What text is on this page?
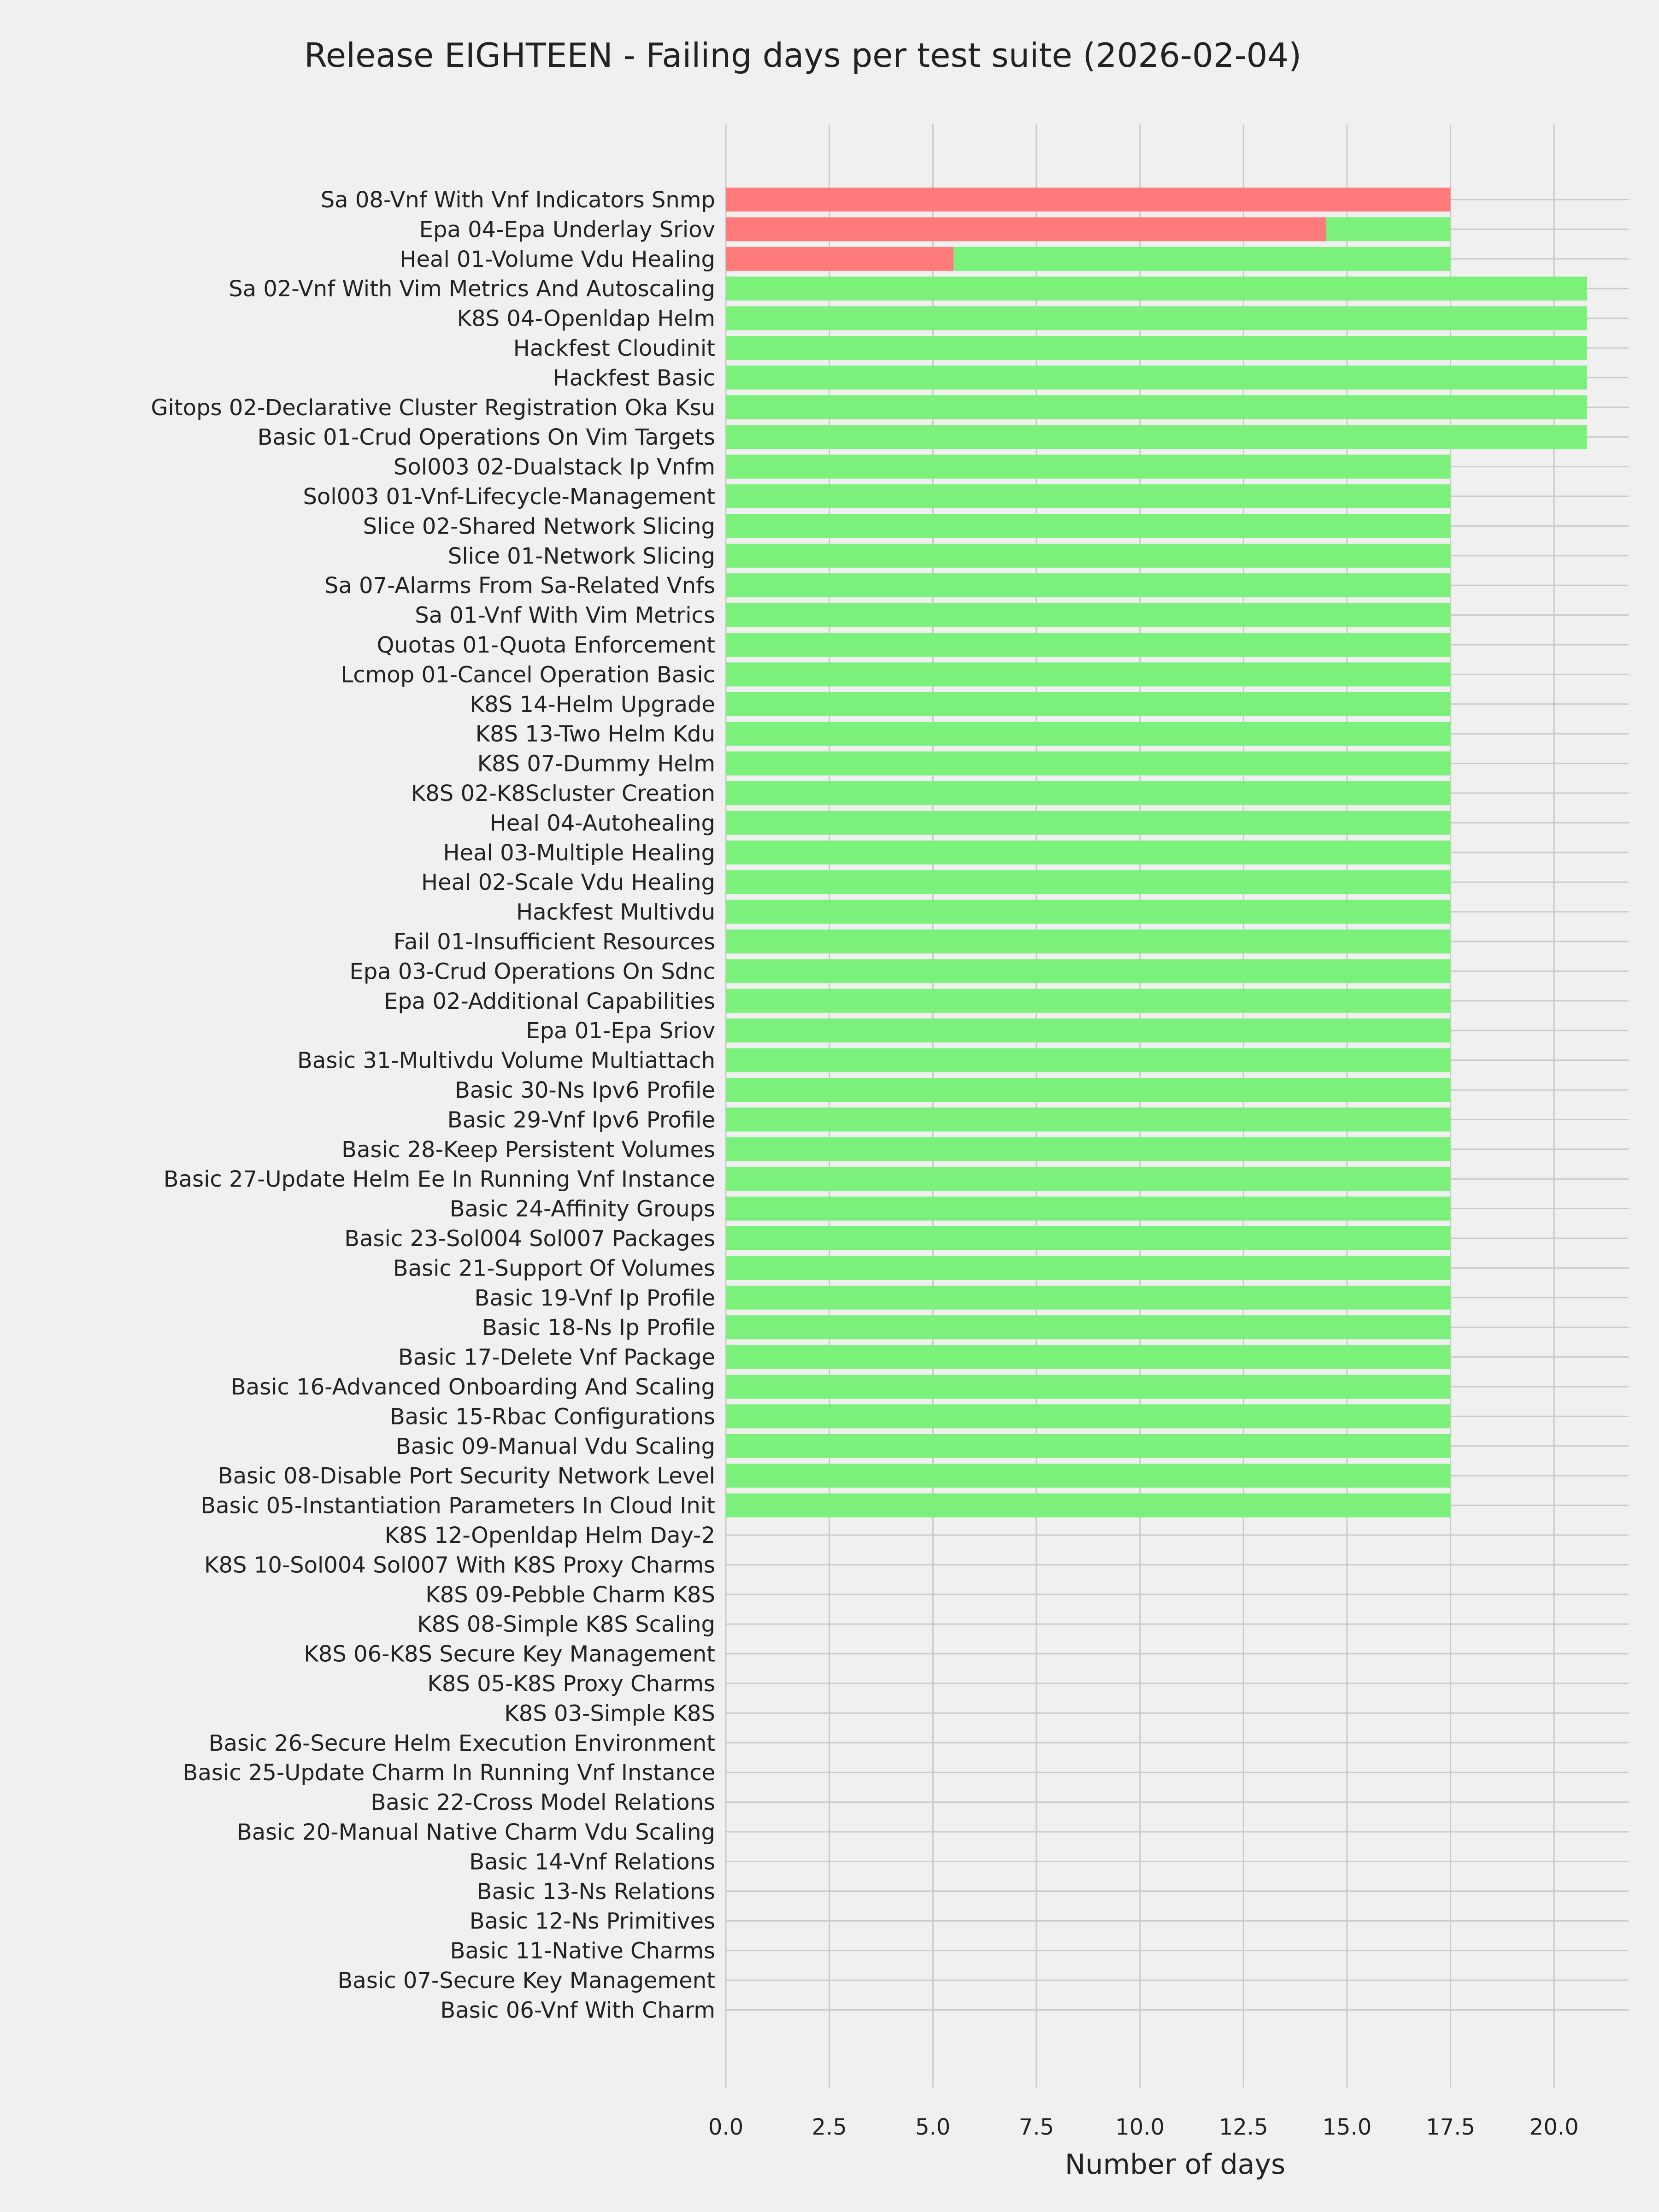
Release EIGHTEEN - Failing days per test suite (2026-02-04)
Sa 08-Vnf With Vnf Indicators Snmp
Epa 04-Epa Underlay Sriov
Heal 01-Volume Vdu Healing
Sa 02-Vnf With Vim Metrics And Autoscaling
K8S 04-Openldap Helm
Hackfest Cloudinit
Hackfest Basic
Gitops 02-Declarative Cluster Registration Oka Ksu
Basic 01-Crud Operations On Vim Targets
Sol003 02-Dualstack Ip Vnfm
Sol003 01-Vnf-Lifecycle-Management
Slice 02-Shared Network Slicing
Slice 01-Network Slicing
Sa 07-Alarms From Sa-Related Vnfs
Sa 01-Vnf With Vim Metrics
Quotas 01-Quota Enforcement
Lcmop 01-Cancel Operation Basic
K8S 14-Helm Upgrade
K8S 13-Two Helm Kdu
K8S 07-Dummy Helm
K8S 02-K8Scluster Creation
Heal 04-Autohealing
Heal 03-Multiple Healing
Heal 02-Scale Vdu Healing
Hackfest Multivdu
Fail 01-Insufficient Resources
Epa 03-Crud Operations On Sdnc
Epa 02-Additional Capabilities
Epa 01-Epa Sriov
Basic 31-Multivdu Volume Multiattach
Basic 30-Ns Ipv6 Profile
Basic 29-Vnf Ipv6 Profile
Basic 28-Keep Persistent Volumes
Basic 27-Update Helm Ee In Running Vnf Instance
Basic 24-Affinity Groups
Basic 23-Sol004 Sol007 Packages
Basic 21-Support Of Volumes
Basic 19-Vnf Ip Profile
Basic 18-Ns Ip Profile
Basic 17-Delete Vnf Package
Basic 16-Advanced Onboarding And Scaling
Basic 15-Rbac Configurations
Basic 09-Manual Vdu Scaling
Basic 08-Disable Port Security Network Level
Basic 05-Instantiation Parameters In Cloud Init
K8S 12-Openldap Helm Day-2
K8S 10-Sol004 Sol007 With K8S Proxy Charms
K8S 09-Pebble Charm K8S
K8S 08-Simple K8S Scaling
K8S 06-K8S Secure Key Management
K8S 05-K8S Proxy Charms
K8S 03-Simple K8S
Basic 26-Secure Helm Execution Environment
Basic 25-Update Charm In Running Vnf Instance
Basic 22-Cross Model Relations
Basic 20-Manual Native Charm Vdu Scaling
Basic 14-Vnf Relations
Basic 13-Ns Relations
Basic 12-Ns Primitives
Basic 11-Native Charms
Basic 07-Secure Key Management
Basic 06-Vnf With Charm
0.0	2.5	5.0	7.5	10.0 12.5 15.0 17.5 20.0
Number of days
